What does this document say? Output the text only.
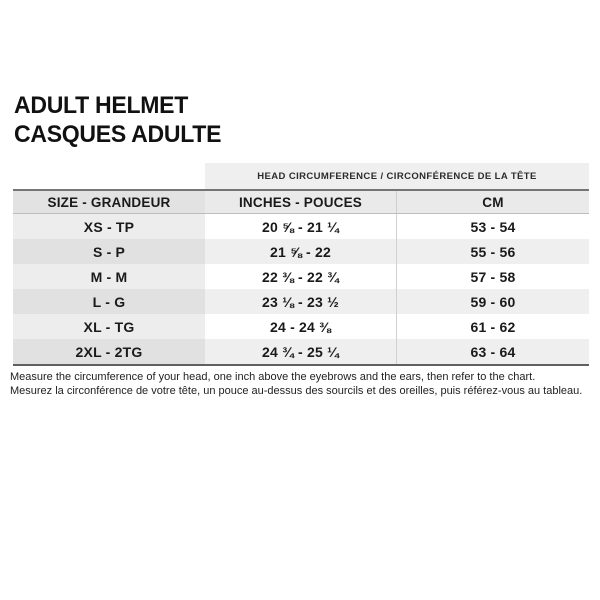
ADULT HELMET
CASQUES ADULTE
HEAD CIRCUMFERENCE / CIRCONFÉRENCE DE LA TÊTE
SIZE - GRANDEUR	INCHES - POUCES	CM
XS - TP	20 ⅝ - 21 ¼	53 - 54
S - P	21 ⅝ - 22	55 - 56
M - M	22 ⅜ - 22 ¾	57 - 58
L - G	23 ⅛ - 23 ½	59 - 60
XL - TG	24 - 24 ⅜	61 - 62
2XL - 2TG	24 ¾ - 25 ¼	63 - 64
Measure the circumference of your head, one inch above the eyebrows and the ears, then refer to the chart.
Mesurez la circonférence de votre tête, un pouce au-dessus des sourcils et des oreilles, puis référez-vous au tableau.
